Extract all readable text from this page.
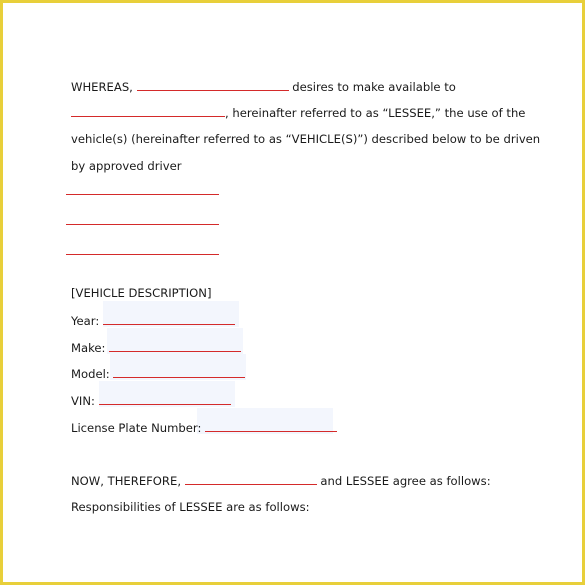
WHEREAS,	desires to make available to
, hereinafter referred to as “LESSEE,” the use of the
vehicle(s) (hereinafter referred to as “VEHICLE(S)”) described below to be driven
by approved driver
[VEHICLE DESCRIPTION]
Year:
Make:
Model:
VIN:
License Plate Number:
NOW, THEREFORE,	and LESSEE agree as follows:
Responsibilities of LESSEE are as follows:
